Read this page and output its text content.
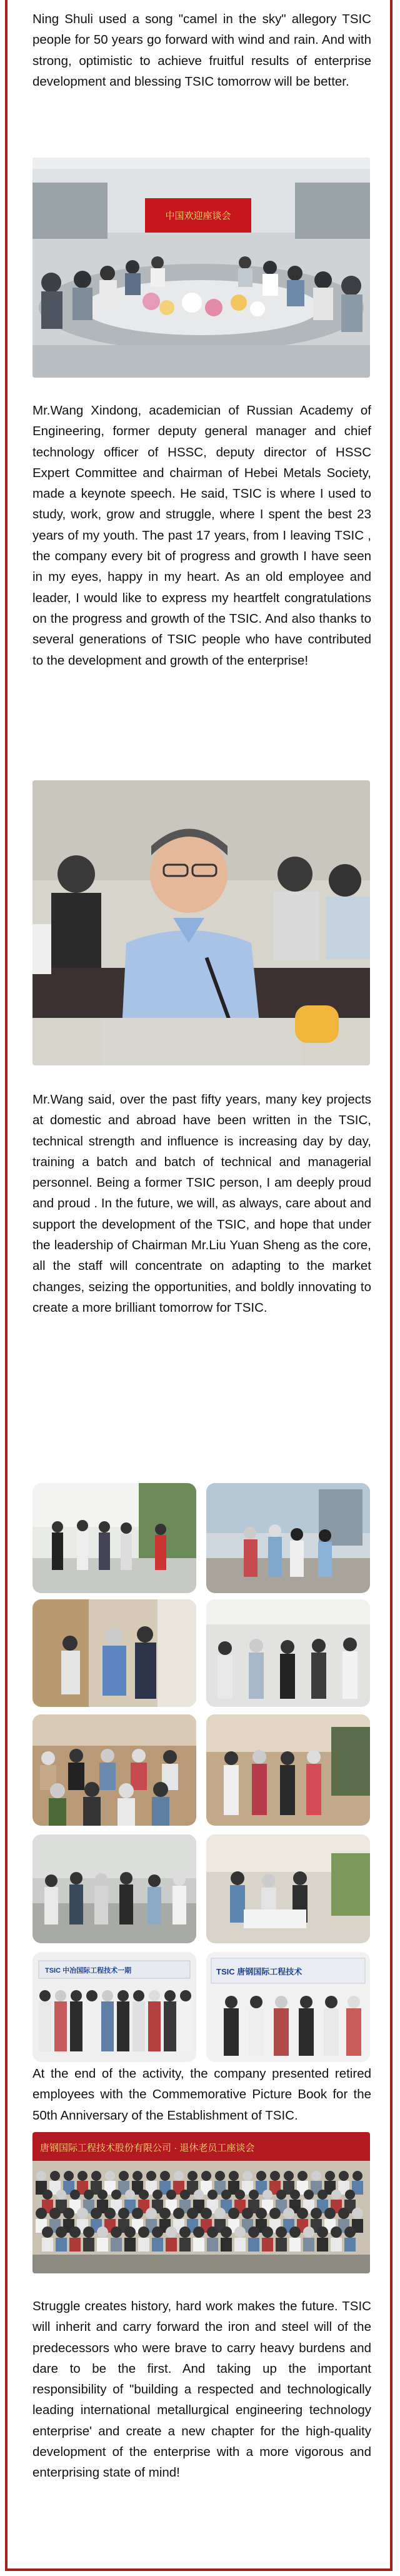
Ning Shuli used a song "camel in the sky" allegory TSIC people for 50 years go forward with wind and rain. And with strong, optimistic to achieve fruitful results of enterprise development and blessing TSIC tomorrow will be better.

中国欢迎座谈会

Mr.Wang Xindong, academician of Russian Academy of Engineering, former deputy general manager and chief technology officer of HSSC, deputy director of HSSC Expert Committee and chairman of Hebei Metals Society, made a keynote speech. He said, TSIC is where I used to study, work, grow and struggle, where I spent the best 23 years of my youth. The past 17 years, from I leaving TSIC , the company every bit of progress and growth I have seen in my eyes, happy in my heart. As an old employee and leader, I would like to express my heartfelt congratulations on the progress and growth of the TSIC. And also thanks to several generations of TSIC people who have contributed to the development and growth of the enterprise!

Mr.Wang said, over the past fifty years, many key projects at domestic and abroad have been written in the TSIC, technical strength and influence is increasing day by day, training a batch and batch of technical and managerial personnel. Being a former TSIC person, I am deeply proud and proud . In the future, we will, as always, care about and support the development of the TSIC, and hope that under the leadership of Chairman Mr.Liu Yuan Sheng as the core, all the staff will concentrate on adapting to the market changes, seizing the opportunities, and boldly innovating to create a more brilliant tomorrow for TSIC.

TSIC 中冶国际工程技术一期	TSIC 唐钢国际工程技术

At the end of the activity, the company presented retired employees with the Commemorative Picture Book for the 50th Anniversary of the Establishment of TSIC.

唐钢国际工程技术股份有限公司 · 退休老员工座谈会

Struggle creates history, hard work makes the future. TSIC will inherit and carry forward the iron and steel will of the predecessors who were brave to carry heavy burdens and dare to be the first. And taking up the important responsibility of "building a respected and technologically leading international metallurgical engineering technology enterprise' and create a new chapter for the high-quality development of the enterprise with a more vigorous and enterprising state of mind!
